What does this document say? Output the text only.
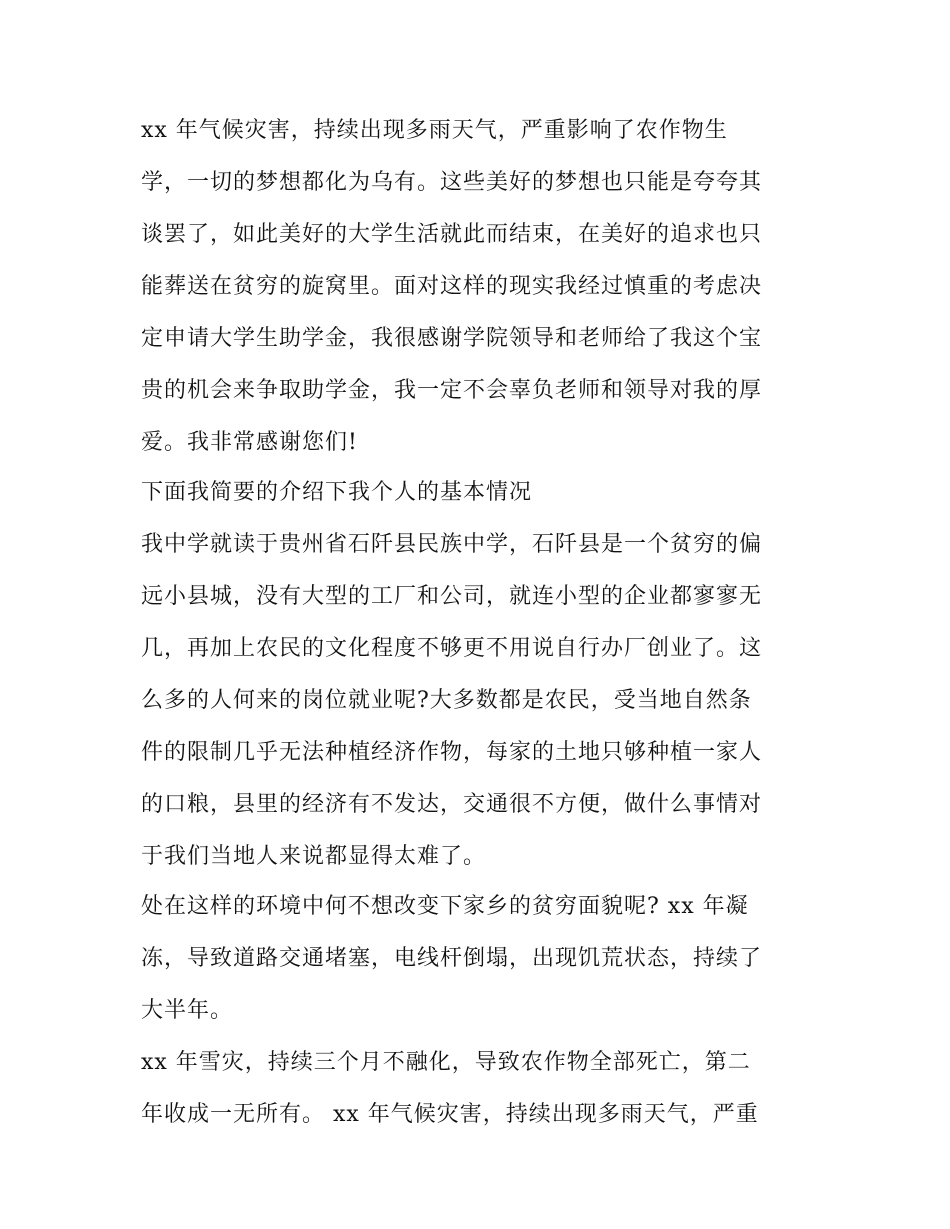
xx 年气候灾害，持续出现多雨天气，严重影响了农作物生
学，一切的梦想都化为乌有。这些美好的梦想也只能是夸夸其
谈罢了，如此美好的大学生活就此而结束，在美好的追求也只
能葬送在贫穷的旋窝里。面对这样的现实我经过慎重的考虑决
定申请大学生助学金，我很感谢学院领导和老师给了我这个宝
贵的机会来争取助学金，我一定不会辜负老师和领导对我的厚
爱。我非常感谢您们!
下面我简要的介绍下我个人的基本情况
我中学就读于贵州省石阡县民族中学，石阡县是一个贫穷的偏
远小县城，没有大型的工厂和公司，就连小型的企业都寥寥无
几，再加上农民的文化程度不够更不用说自行办厂创业了。这
么多的人何来的岗位就业呢?大多数都是农民，受当地自然条
件的限制几乎无法种植经济作物，每家的土地只够种植一家人
的口粮，县里的经济有不发达，交通很不方便，做什么事情对
于我们当地人来说都显得太难了。
处在这样的环境中何不想改变下家乡的贫穷面貌呢? xx 年凝
冻，导致道路交通堵塞，电线杆倒塌，出现饥荒状态，持续了
大半年。
xx 年雪灾，持续三个月不融化，导致农作物全部死亡，第二
年收成一无所有。 xx 年气候灾害，持续出现多雨天气，严重
